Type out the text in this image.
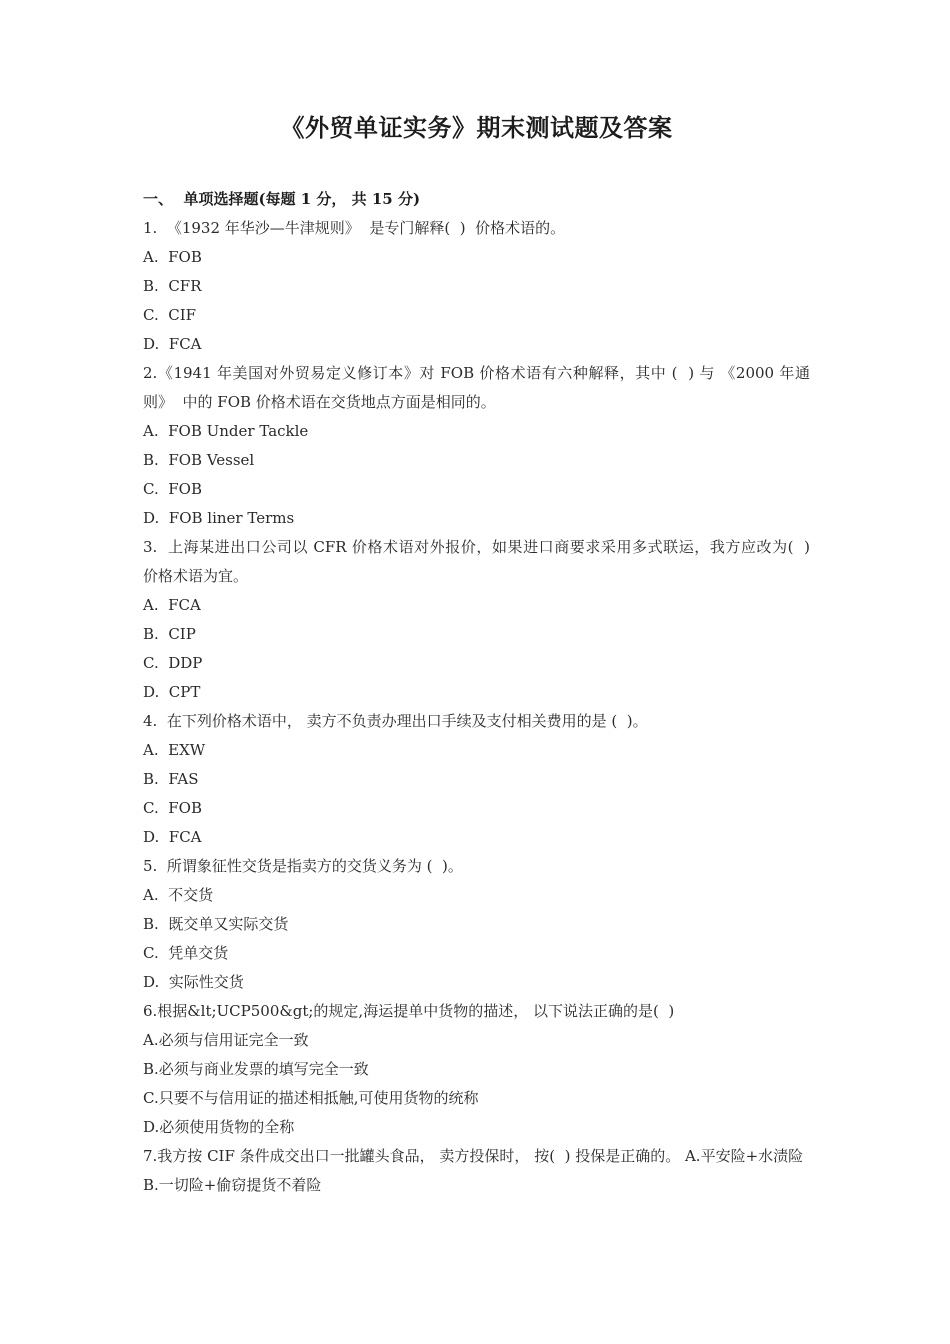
《外贸单证实务》期末测试题及答案
一、  单项选择题(每题 1 分， 共 15 分)

1.  《1932 年华沙—牛津规则》  是专门解释(  )  价格术语的。

A.  FOB

B.  CFR

C.  CIF

D.  FCA

2.《1941 年美国对外贸易定义修订本》对 FOB 价格术语有六种解释，其中 (  ) 与 《2000 年通则》  中的 FOB 价格术语在交货地点方面是相同的。

A.  FOB Under Tackle

B.  FOB Vessel

C.  FOB

D.  FOB liner Terms

3.  上海某进出口公司以 CFR 价格术语对外报价，如果进口商要求采用多式联运，我方应改为(  )  价格术语为宜。

A.  FCA

B.  CIP

C.  DDP

D.  CPT

4.  在下列价格术语中， 卖方不负责办理出口手续及支付相关费用的是 (  )。

A.  EXW

B.  FAS

C.  FOB

D.  FCA

5.  所谓象征性交货是指卖方的交货义务为 (  )。

A.  不交货

B.  既交单又实际交货

C.  凭单交货

D.  实际性交货

6.根据&lt;UCP500&gt;的规定,海运提单中货物的描述， 以下说法正确的是(  )

A.必须与信用证完全一致

B.必须与商业发票的填写完全一致

C.只要不与信用证的描述相抵触,可使用货物的统称

D.必须使用货物的全称

7.我方按 CIF 条件成交出口一批罐头食品， 卖方投保时， 按(  ) 投保是正确的。 A.平安险+水渍险

B.一切险+偷窃提货不着险
